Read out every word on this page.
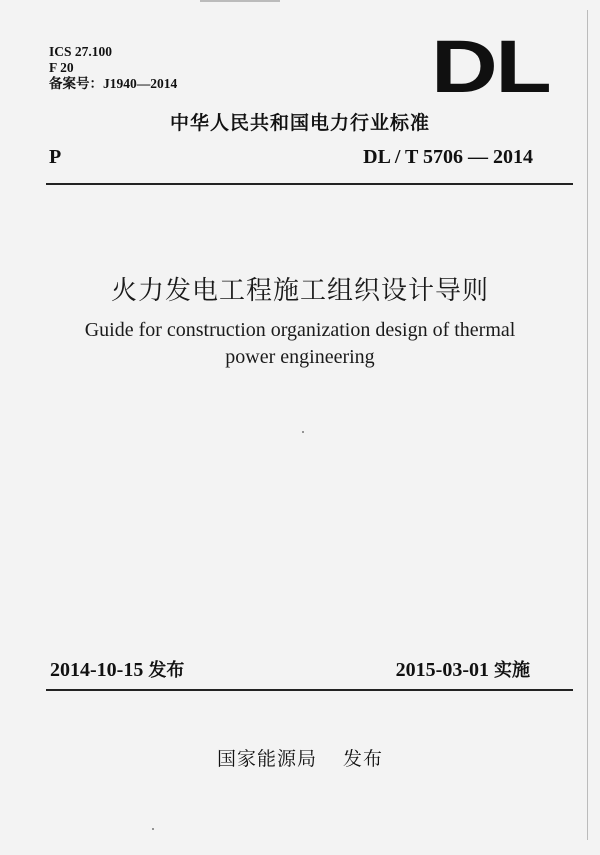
ICS 27.100
F 20
备案号：J1940—2014	DL
中华人民共和国电力行业标准
P	DL / T 5706 — 2014
火力发电工程施工组织设计导则
Guide for construction organization design of thermal
power engineering
2014-10-15 发布	2015-03-01 实施
国家能源局 发布
